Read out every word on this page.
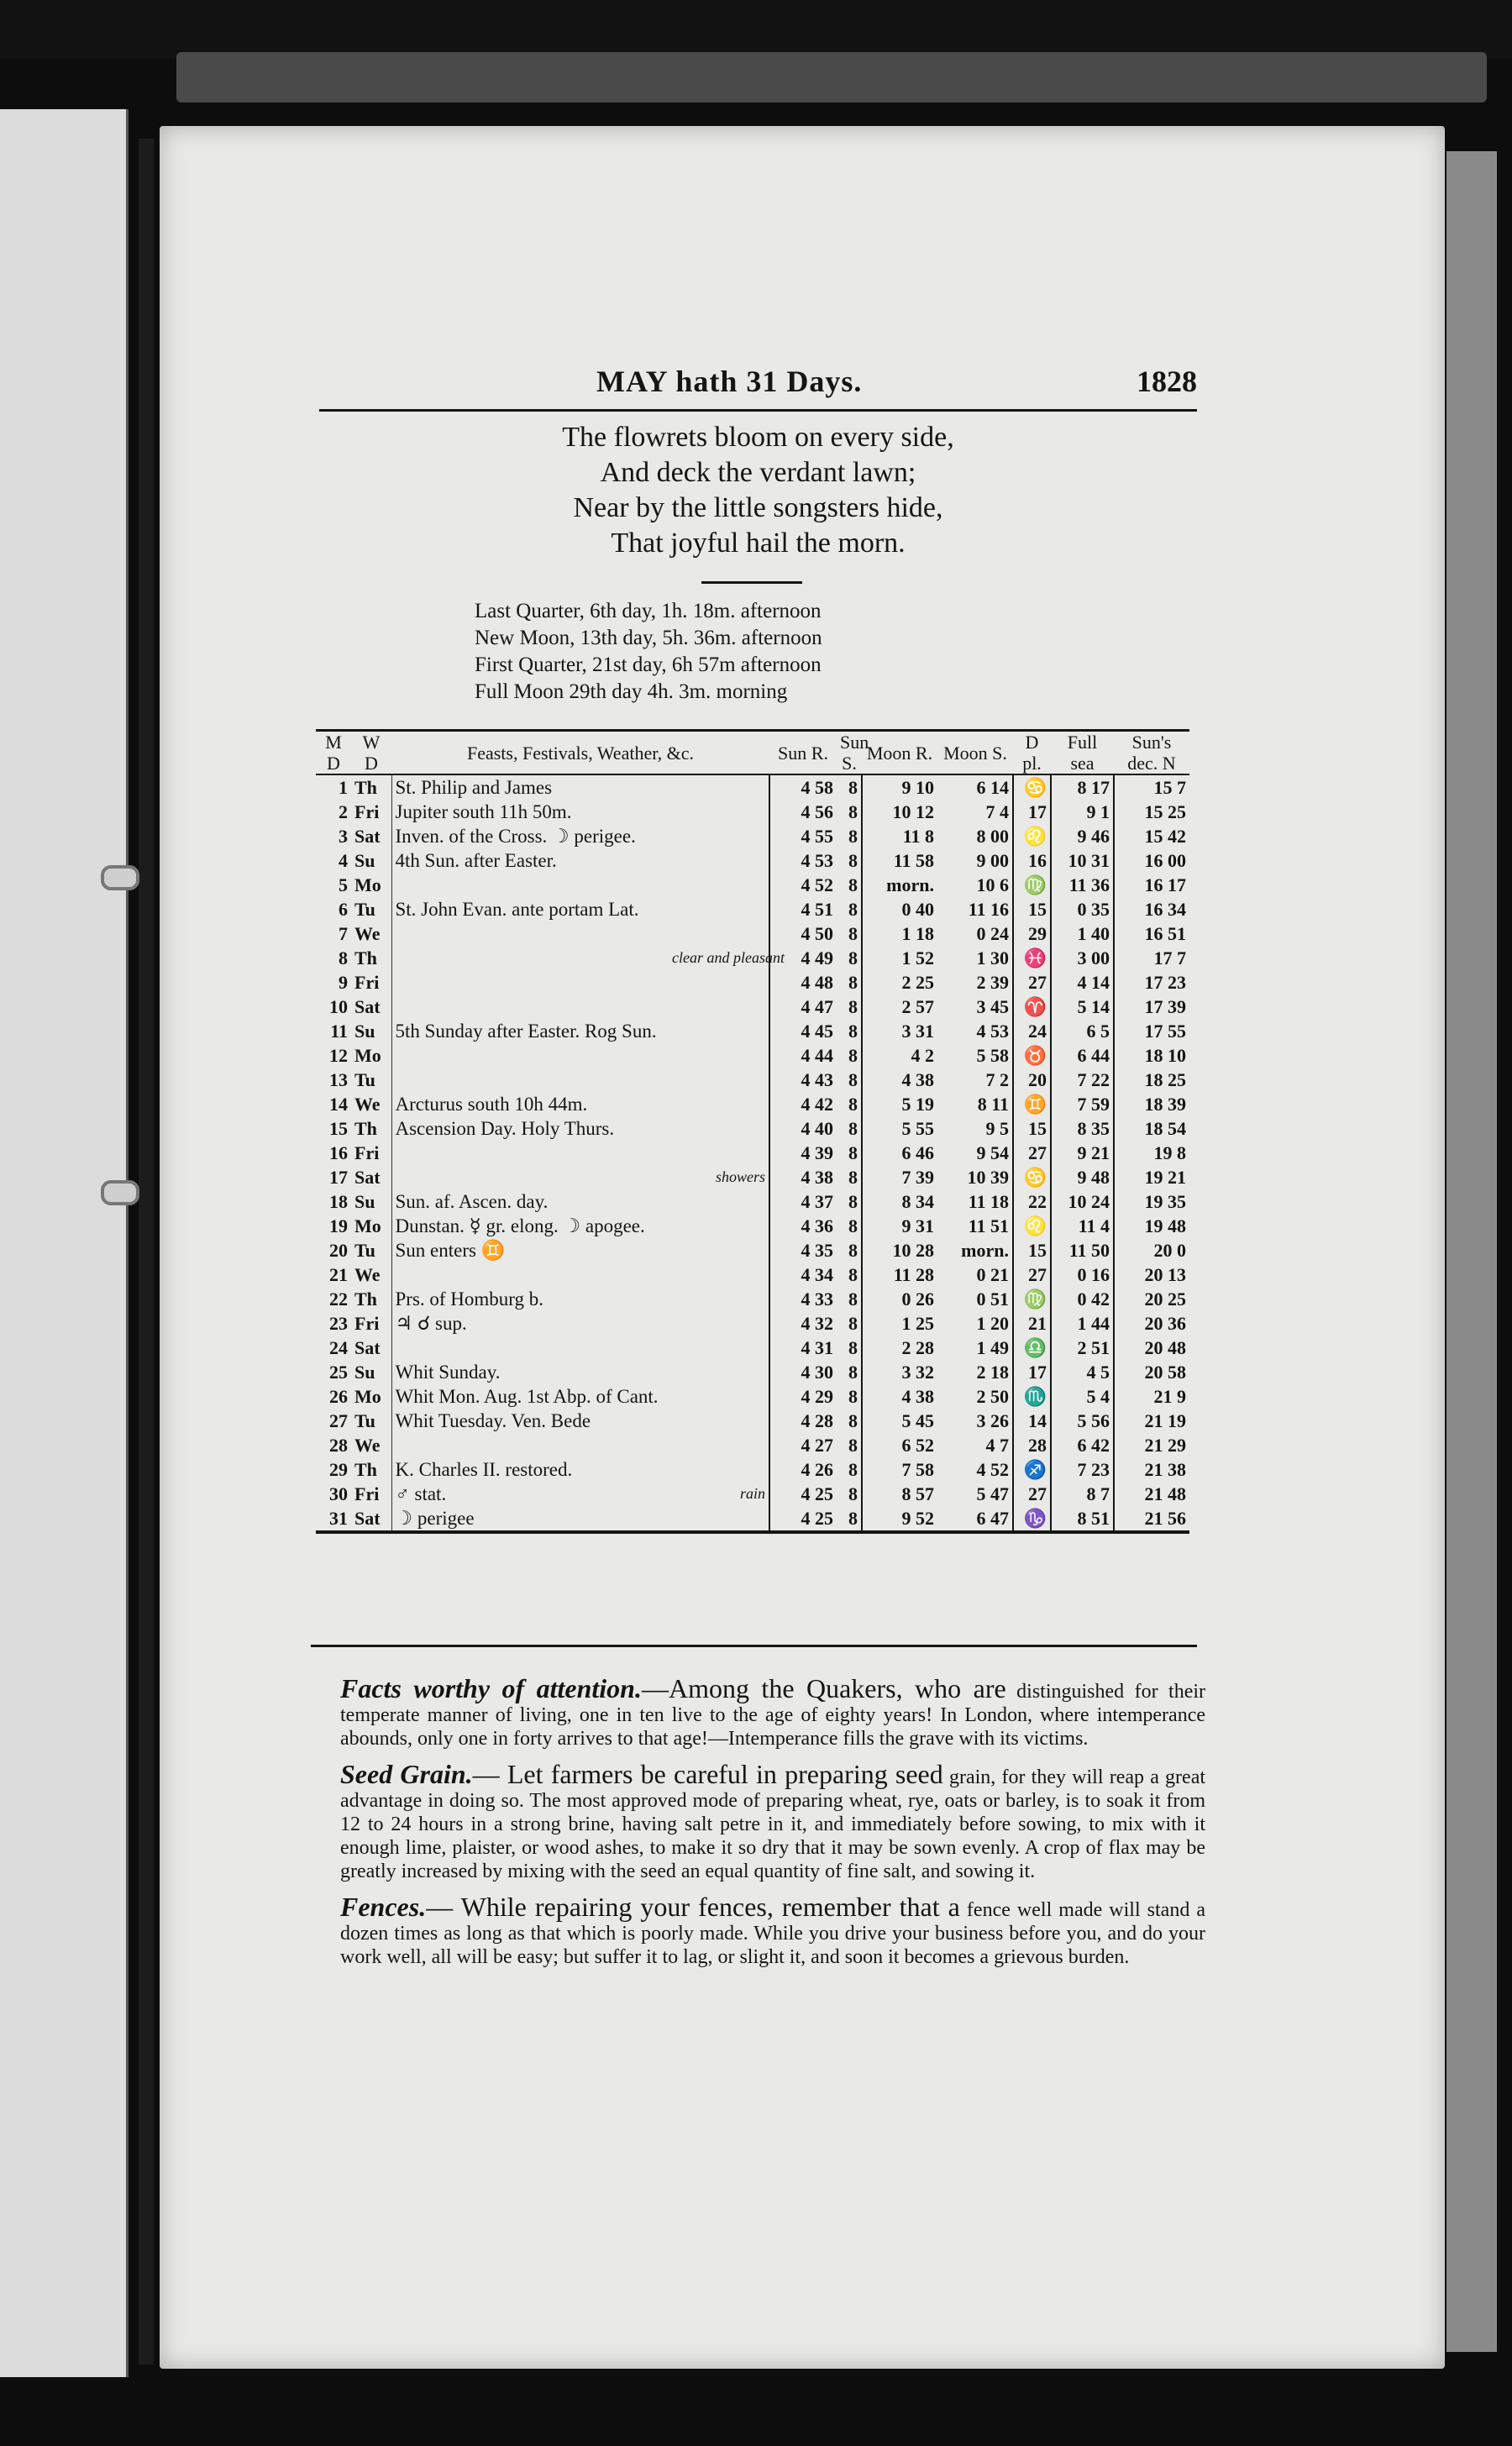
MAY hath 31 Days.	1828
The flowrets bloom on every side,
And deck the verdant lawn;
Near by the little songsters hide,
That joyful hail the morn.
Last Quarter, 6th day, 1h. 18m. afternoon
New Moon, 13th day, 5h. 36m. afternoon
First Quarter, 21st day, 6h 57m afternoon
Full Moon 29th day 4h. 3m. morning
M D	W D	Feasts, Festivals, Weather, &c.		Sun R.	Sun S.	Moon R.	Moon S.	D pl.	Full sea	Sun's dec. N
1	Th	St. Philip and James		4 58	8	9 10	6 14	♋	8 17	15 7
2	Fri	Jupiter south 11h 50m.		4 56	8	10 12	7 4	17	9 1	15 25
3	Sat	Inven. of the Cross. ☽ perigee.		4 55	8	11 8	8 00	♌	9 46	15 42
4	Su	4th Sun. after Easter.		4 53	8	11 58	9 00	16	10 31	16 00
5	Mo			4 52	8	morn.	10 6	♍	11 36	16 17
6	Tu	St. John Evan. ante portam Lat.		4 51	8	0 40	11 16	15	0 35	16 34
7	We			4 50	8	1 18	0 24	29	1 40	16 51
8	Th		clear and pleasant	4 49	8	1 52	1 30	♓	3 00	17 7
9	Fri			4 48	8	2 25	2 39	27	4 14	17 23
10	Sat			4 47	8	2 57	3 45	♈	5 14	17 39
11	Su	5th Sunday after Easter. Rog Sun.		4 45	8	3 31	4 53	24	6 5	17 55
12	Mo			4 44	8	4 2	5 58	♉	6 44	18 10
13	Tu			4 43	8	4 38	7 2	20	7 22	18 25
14	We	Arcturus south 10h 44m.		4 42	8	5 19	8 11	♊	7 59	18 39
15	Th	Ascension Day. Holy Thurs.		4 40	8	5 55	9 5	15	8 35	18 54
16	Fri			4 39	8	6 46	9 54	27	9 21	19 8
17	Sat		showers	4 38	8	7 39	10 39	♋	9 48	19 21
18	Su	Sun. af. Ascen. day.		4 37	8	8 34	11 18	22	10 24	19 35
19	Mo	Dunstan. ☿ gr. elong. ☽ apogee.		4 36	8	9 31	11 51	♌	11 4	19 48
20	Tu	Sun enters ♊		4 35	8	10 28	morn.	15	11 50	20 0
21	We			4 34	8	11 28	0 21	27	0 16	20 13
22	Th	Prs. of Homburg b.		4 33	8	0 26	0 51	♍	0 42	20 25
23	Fri	♃ ☌ sup.		4 32	8	1 25	1 20	21	1 44	20 36
24	Sat			4 31	8	2 28	1 49	♎	2 51	20 48
25	Su	Whit Sunday.		4 30	8	3 32	2 18	17	4 5	20 58
26	Mo	Whit Mon. Aug. 1st Abp. of Cant.		4 29	8	4 38	2 50	♏	5 4	21 9
27	Tu	Whit Tuesday. Ven. Bede		4 28	8	5 45	3 26	14	5 56	21 19
28	We			4 27	8	6 52	4 7	28	6 42	21 29
29	Th	K. Charles II. restored.		4 26	8	7 58	4 52	♐	7 23	21 38
30	Fri	♂ stat.	rain	4 25	8	8 57	5 47	27	8 7	21 48
31	Sat	☽ perigee		4 25	8	9 52	6 47	♑	8 51	21 56

Facts worthy of attention.—Among the Quakers, who are distinguished for their temperate manner of living, one in ten live to the age of eighty years! In London, where intemperance abounds, only one in forty arrives to that age!—Intemperance fills the grave with its victims.

Seed Grain.— Let farmers be careful in preparing seed grain, for they will reap a great advantage in doing so. The most approved mode of preparing wheat, rye, oats or barley, is to soak it from 12 to 24 hours in a strong brine, having salt petre in it, and immediately before sowing, to mix with it enough lime, plaister, or wood ashes, to make it so dry that it may be sown evenly. A crop of flax may be greatly increased by mixing with the seed an equal quantity of fine salt, and sowing it.

Fences.— While repairing your fences, remember that a fence well made will stand a dozen times as long as that which is poorly made. While you drive your business before you, and do your work well, all will be easy; but suffer it to lag, or slight it, and soon it becomes a grievous burden.
